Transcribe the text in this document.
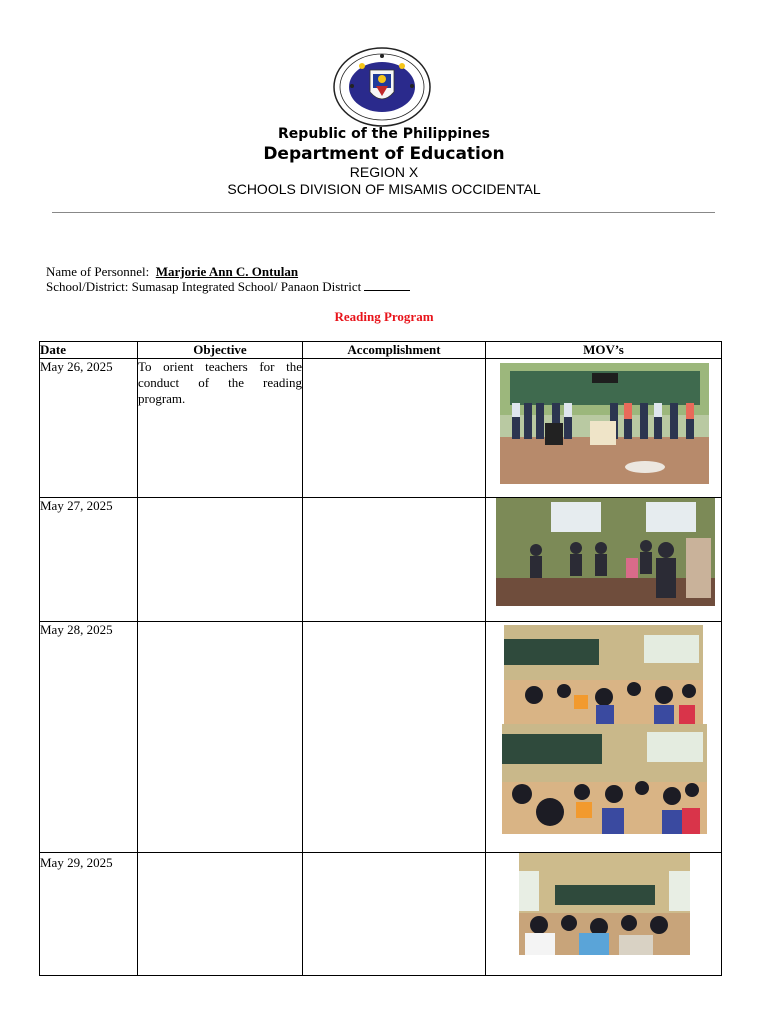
Republic of the Philippines
Department of Education
REGION X
SCHOOLS DIVISION OF MISAMIS OCCIDENTAL
Name of Personnel: Marjorie Ann C. Ontulan
School/District: Sumasap Integrated School/ Panaon District
Reading Program
Date	Objective	Accomplishment	MOV’s
May 26, 2025	To orient teachers for the conduct of the reading program.		

May 27, 2025			

May 28, 2025			

May 29, 2025			
